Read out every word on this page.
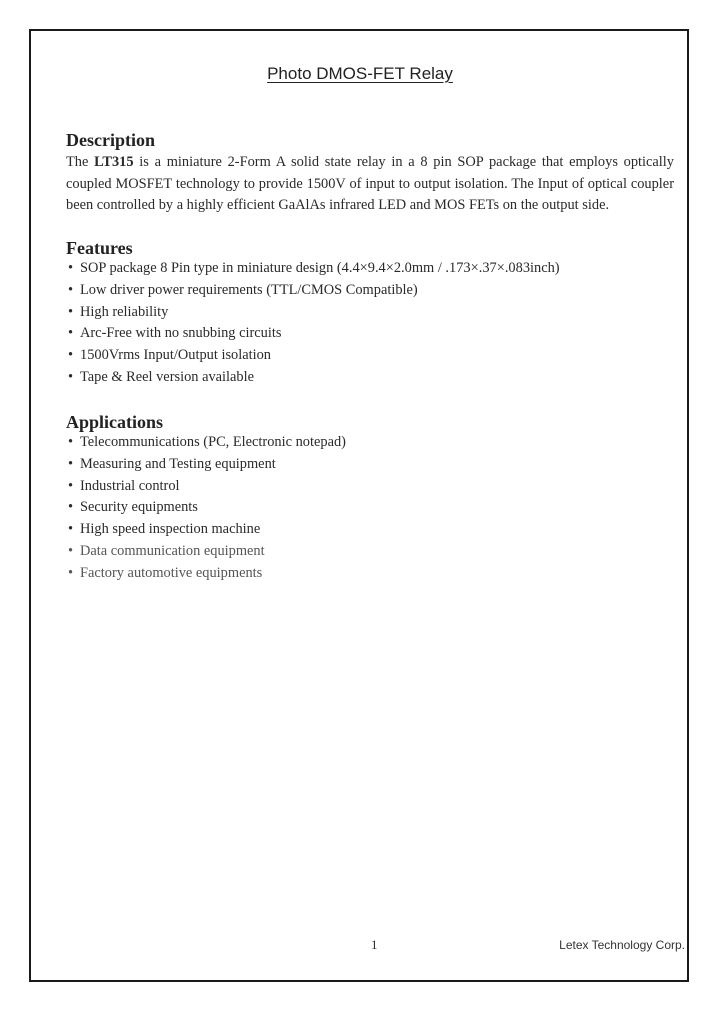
Photo DMOS-FET Relay
Description
The LT315 is a miniature 2-Form A solid state relay in a 8 pin SOP package that employs optically coupled MOSFET technology to provide 1500V of input to output isolation. The Input of optical coupler been controlled by a highly efficient GaAlAs infrared LED and MOS FETs on the output side.
Features
• SOP package 8 Pin type in miniature design (4.4×9.4×2.0mm / .173×.37×.083inch)
• Low driver power requirements (TTL/CMOS Compatible)
• High reliability
• Arc-Free with no snubbing circuits
• 1500Vrms Input/Output isolation
• Tape & Reel version available
Applications
• Telecommunications (PC, Electronic notepad)
• Measuring and Testing equipment
• Industrial control
• Security equipments
• High speed inspection machine
• Data communication equipment
• Factory automotive equipments
1	Letex Technology Corp.
